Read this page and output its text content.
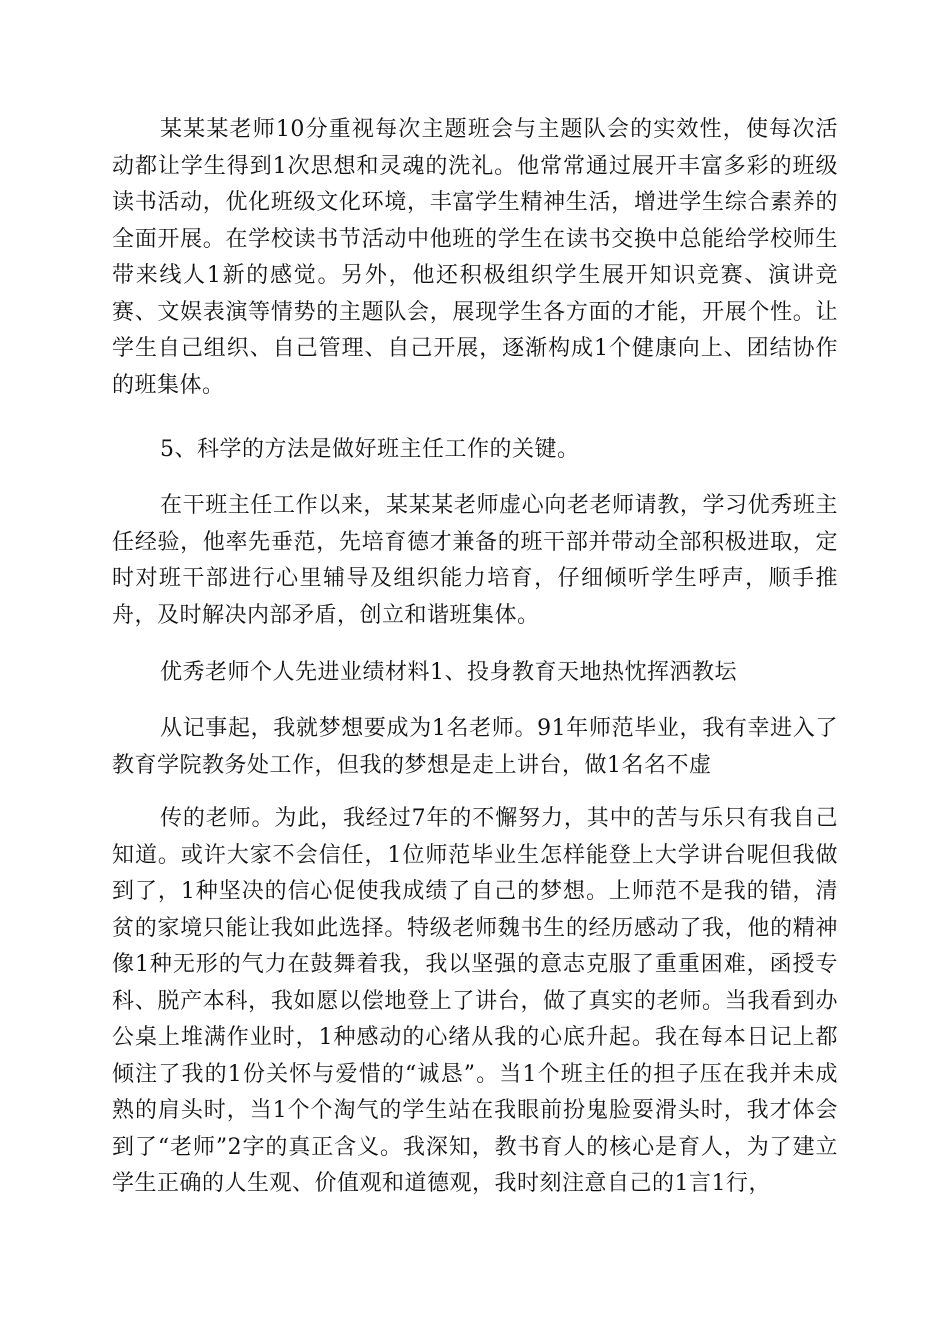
某某某老师10分重视每次主题班会与主题队会的实效性，使每次活动都让学生得到1次思想和灵魂的洗礼。他常常通过展开丰富多彩的班级读书活动，优化班级文化环境，丰富学生精神生活，增进学生综合素养的全面开展。在学校读书节活动中他班的学生在读书交换中总能给学校师生带来线人1新的感觉。另外，他还积极组织学生展开知识竞赛、演讲竞赛、文娱表演等情势的主题队会，展现学生各方面的才能，开展个性。让学生自己组织、自己管理、自己开展，逐渐构成1个健康向上、团结协作的班集体。

5、科学的方法是做好班主任工作的关键。

在干班主任工作以来，某某某老师虚心向老老师请教，学习优秀班主任经验，他率先垂范，先培育德才兼备的班干部并带动全部积极进取，定时对班干部进行心里辅导及组织能力培育，仔细倾听学生呼声，顺手推舟，及时解决内部矛盾，创立和谐班集体。

优秀老师个人先进业绩材料1、投身教育天地热忱挥洒教坛

从记事起，我就梦想要成为1名老师。91年师范毕业，我有幸进入了教育学院教务处工作，但我的梦想是走上讲台，做1名名不虚

传的老师。为此，我经过7年的不懈努力，其中的苦与乐只有我自己知道。或许大家不会信任，1位师范毕业生怎样能登上大学讲台呢但我做到了，1种坚决的信心促使我成绩了自己的梦想。上师范不是我的错，清贫的家境只能让我如此选择。特级老师魏书生的经历感动了我，他的精神像1种无形的气力在鼓舞着我，我以坚强的意志克服了重重困难，函授专科、脱产本科，我如愿以偿地登上了讲台，做了真实的老师。当我看到办公桌上堆满作业时，1种感动的心绪从我的心底升起。我在每本日记上都倾注了我的1份关怀与爱惜的“诚恳”。当1个班主任的担子压在我并未成熟的肩头时，当1个个淘气的学生站在我眼前扮鬼脸耍滑头时，我才体会到了“老师”2字的真正含义。我深知，教书育人的核心是育人，为了建立学生正确的人生观、价值观和道德观，我时刻注意自己的1言1行，
